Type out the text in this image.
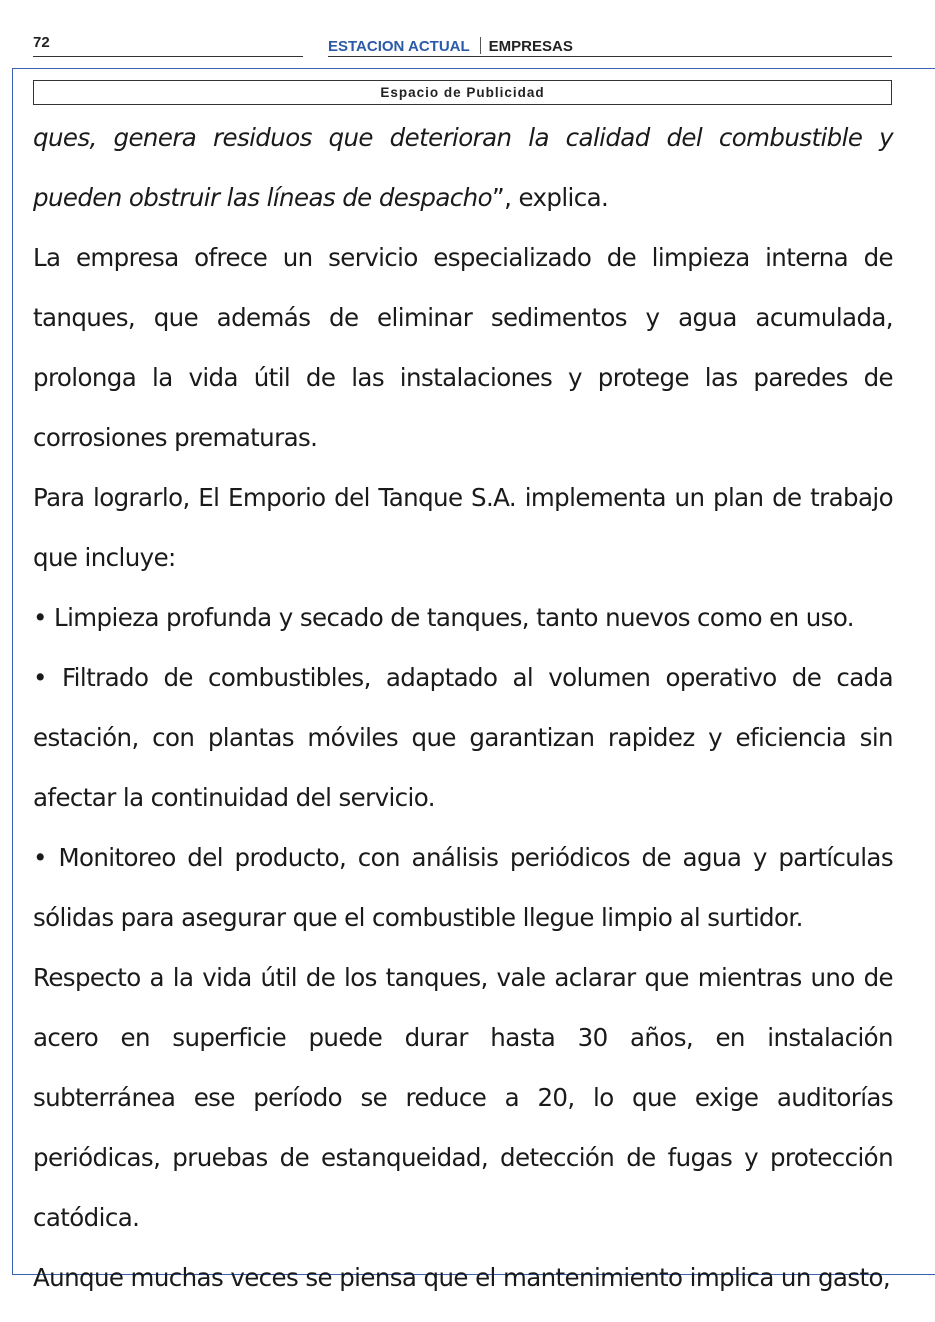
72	ESTACION ACTUAL EMPRESAS
Espacio de Publicidad

ques, genera residuos que deterioran la calidad del combustible y pueden obstruir las líneas de despacho”, explica.

La empresa ofrece un servicio especializado de limpieza interna de tanques, que además de eliminar sedimentos y agua acumulada, prolonga la vida útil de las instalaciones y protege las paredes de corrosiones prematuras.

Para lograrlo, El Emporio del Tanque S.A. implementa un plan de trabajo que incluye:

• Limpieza profunda y secado de tanques, tanto nuevos como en uso.

• Filtrado de combustibles, adaptado al volumen operativo de cada estación, con plantas móviles que garantizan rapidez y eficiencia sin afectar la continuidad del servicio.

• Monitoreo del producto, con análisis periódicos de agua y partículas sólidas para asegurar que el combustible llegue limpio al surtidor.

Respecto a la vida útil de los tanques, vale aclarar que mientras uno de acero en superficie puede durar hasta 30 años, en instalación subterránea ese período se reduce a 20, lo que exige auditorías periódicas, pruebas de estanqueidad, detección de fugas y protección catódica.

Aunque muchas veces se piensa que el mantenimiento implica un gasto,
